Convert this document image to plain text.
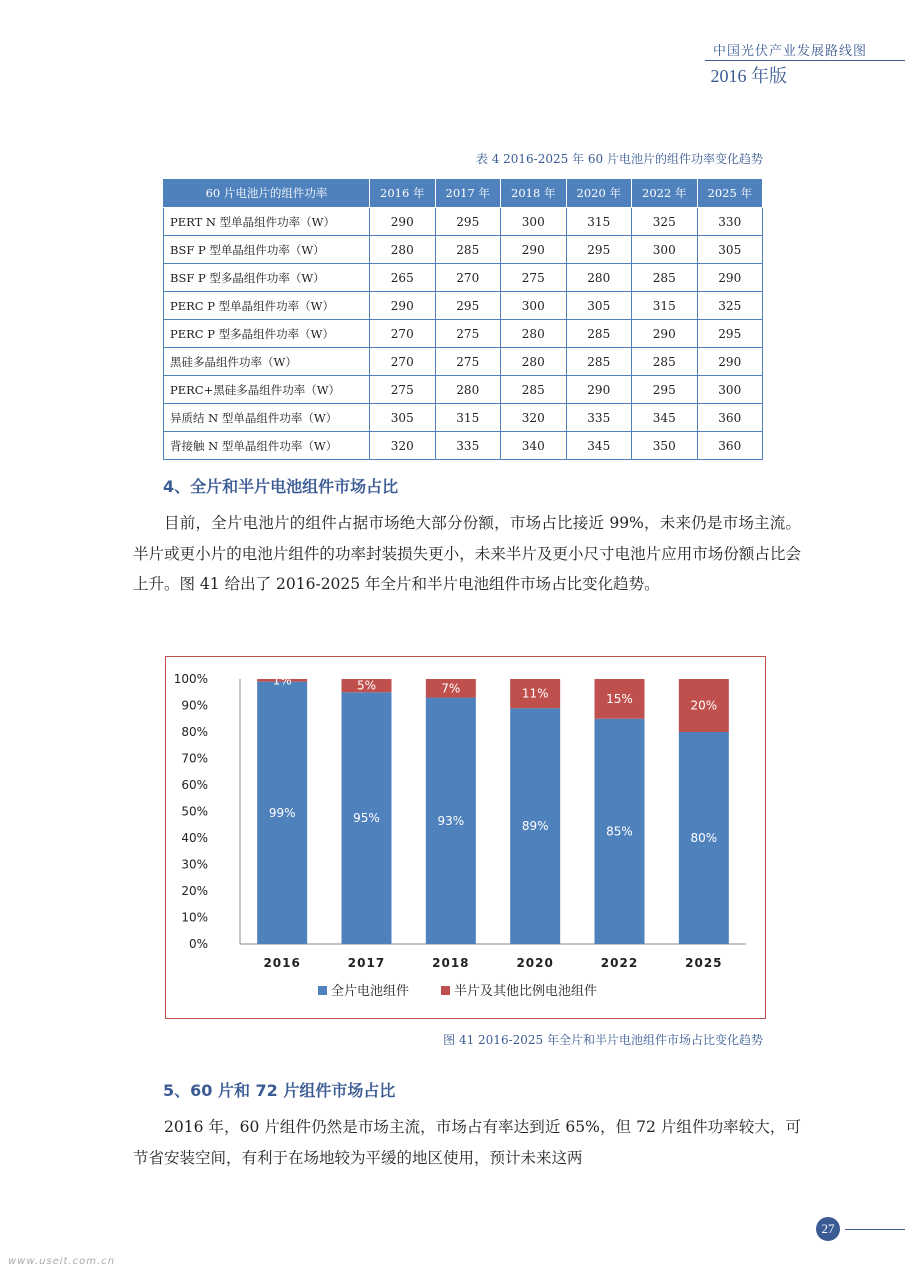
中国光伏产业发展路线图
2016 年版
表 4 2016-2025 年 60 片电池片的组件功率变化趋势
60 片电池片的组件功率	2016 年	2017 年	2018 年	2020 年	2022 年	2025 年
PERT N 型单晶组件功率（W）	290	295	300	315	325	330
BSF P 型单晶组件功率（W）	280	285	290	295	300	305
BSF P 型多晶组件功率（W）	265	270	275	280	285	290
PERC P 型单晶组件功率（W）	290	295	300	305	315	325
PERC P 型多晶组件功率（W）	270	275	280	285	290	295
黑硅多晶组件功率（W）	270	275	280	285	285	290
PERC+黑硅多晶组件功率（W）	275	280	285	290	295	300
异质结 N 型单晶组件功率（W）	305	315	320	335	345	360
背接触 N 型单晶组件功率（W）	320	335	340	345	350	360
4、全片和半片电池组件市场占比
目前，全片电池片的组件占据市场绝大部分份额，市场占比接近 99%，未来仍是市场主流。半片或更小片的电池片组件的功率封装损失更小，未来半片及更小尺寸电池片应用市场份额占比会上升。图 41 给出了 2016-2025 年全片和半片电池组件市场占比变化趋势。
0%
10%
20%
30%
40%
50%
60%
70%
80%
90%
100%
99%
1%
2016
95%
5%
2017
93%
7%
2018
89%
11%
2020
85%
15%
2022
80%
20%
2025
全片电池组件	半片及其他比例电池组件
图 41 2016-2025 年全片和半片电池组件市场占比变化趋势
5、60 片和 72 片组件市场占比
2016 年，60 片组件仍然是市场主流，市场占有率达到近 65%，但 72 片组件功率较大，可节省安装空间，有利于在场地较为平缓的地区使用，预计未来这两
27
www.useit.com.cn
